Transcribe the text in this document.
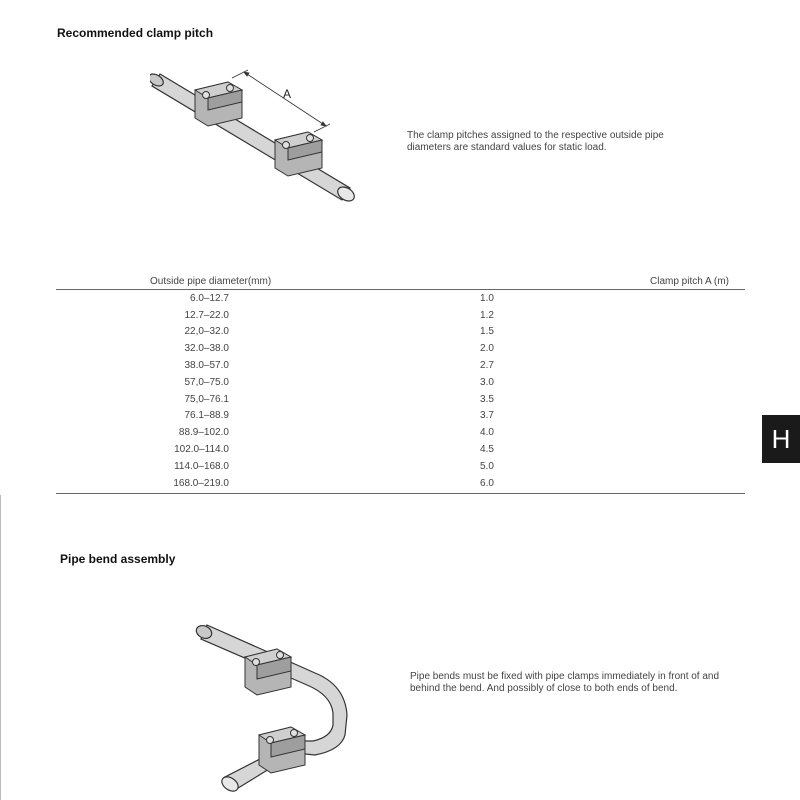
Recommended clamp pitch
A
The clamp pitches assigned to the respective outside pipe diameters are standard values for static load.
Outside pipe diameter(mm)	Clamp pitch A (m)
6.0–12.7	1.0
12.7–22.0	1.2
22,0–32.0	1.5
32.0–38.0	2.0
38.0–57.0	2.7
57,0–75.0	3.0
75,0–76.1	3.5
76.1–88.9	3.7
88.9–102.0	4.0
102.0–114.0	4.5
114.0–168.0	5.0
168.0–219.0	6.0
H
Pipe bend assembly
Pipe bends must be fixed with pipe clamps immediately in front of and behind the bend. And possibly of close to both ends of bend.
